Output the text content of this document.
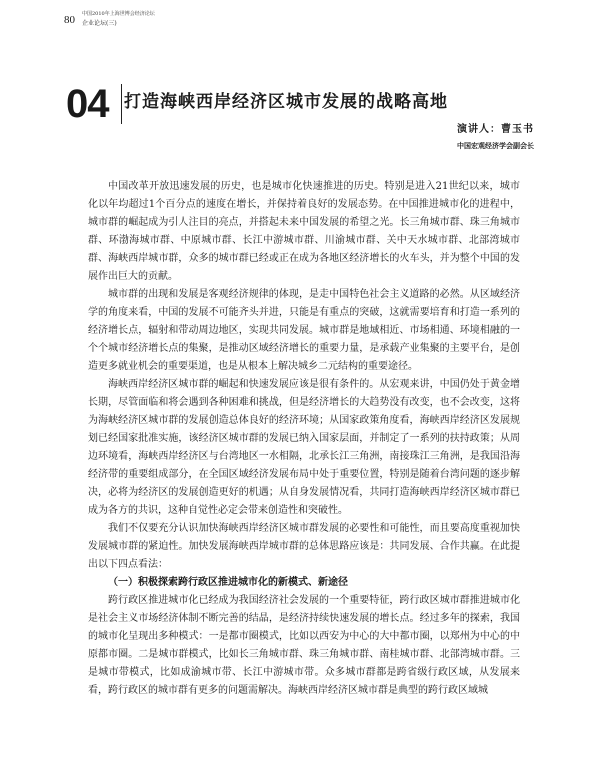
80 中国2010年上海世博会经济论坛
企业论坛(三)
04 打造海峡西岸经济区城市发展的战略高地
演讲人：曹玉书
中国宏观经济学会副会长

中国改革开放迅速发展的历史，也是城市化快速推进的历史。特别是进入21世纪以来，城市化以年均超过1个百分点的速度在增长，并保持着良好的发展态势。在中国推进城市化的进程中，城市群的崛起成为引人注目的亮点，并搭起未来中国发展的希望之光。长三角城市群、珠三角城市群、环渤海城市群、中原城市群、长江中游城市群、川渝城市群、关中天水城市群、北部湾城市群、海峡西岸城市群，众多的城市群已经或正在成为各地区经济增长的火车头，并为整个中国的发展作出巨大的贡献。

城市群的出现和发展是客观经济规律的体现，是走中国特色社会主义道路的必然。从区域经济学的角度来看，中国的发展不可能齐头并进，只能是有重点的突破，这就需要培育和打造一系列的经济增长点，辐射和带动周边地区，实现共同发展。城市群是地域相近、市场相通、环境相融的一个个城市经济增长点的集聚，是推动区域经济增长的重要力量，是承载产业集聚的主要平台，是创造更多就业机会的重要渠道，也是从根本上解决城乡二元结构的重要途径。

海峡西岸经济区城市群的崛起和快速发展应该是很有条件的。从宏观来讲，中国仍处于黄金增长期，尽管面临和将会遇到各种困难和挑战，但是经济增长的大趋势没有改变，也不会改变，这将为海峡经济区城市群的发展创造总体良好的经济环境；从国家政策角度看，海峡西岸经济区发展规划已经国家批准实施，该经济区城市群的发展已纳入国家层面，并制定了一系列的扶持政策；从周边环境看，海峡西岸经济区与台湾地区一水相隔，北承长江三角洲，南接珠江三角洲，是我国沿海经济带的重要组成部分，在全国区域经济发展布局中处于重要位置，特别是随着台湾问题的逐步解决，必将为经济区的发展创造更好的机遇；从自身发展情况看，共同打造海峡西岸经济区城市群已成为各方的共识，这种自觉性必定会带来创造性和突破性。

我们不仅要充分认识加快海峡西岸经济区城市群发展的必要性和可能性，而且要高度重视加快发展城市群的紧迫性。加快发展海峡西岸城市群的总体思路应该是：共同发展、合作共赢。在此提出以下四点看法：

（一）积极探索跨行政区推进城市化的新模式、新途径

跨行政区推进城市化已经成为我国经济社会发展的一个重要特征，跨行政区城市群推进城市化是社会主义市场经济体制不断完善的结晶，是经济持续快速发展的增长点。经过多年的探索，我国的城市化呈现出多种模式：一是都市圈模式，比如以西安为中心的大中都市圈，以郑州为中心的中原都市圈。二是城市群模式，比如长三角城市群、珠三角城市群、南桂城市群、北部湾城市群。三是城市带模式，比如成渝城市带、长江中游城市带。众多城市群都是跨省级行政区域，从发展来看，跨行政区的城市群有更多的问题需解决。海峡西岸经济区城市群是典型的跨行政区域城
